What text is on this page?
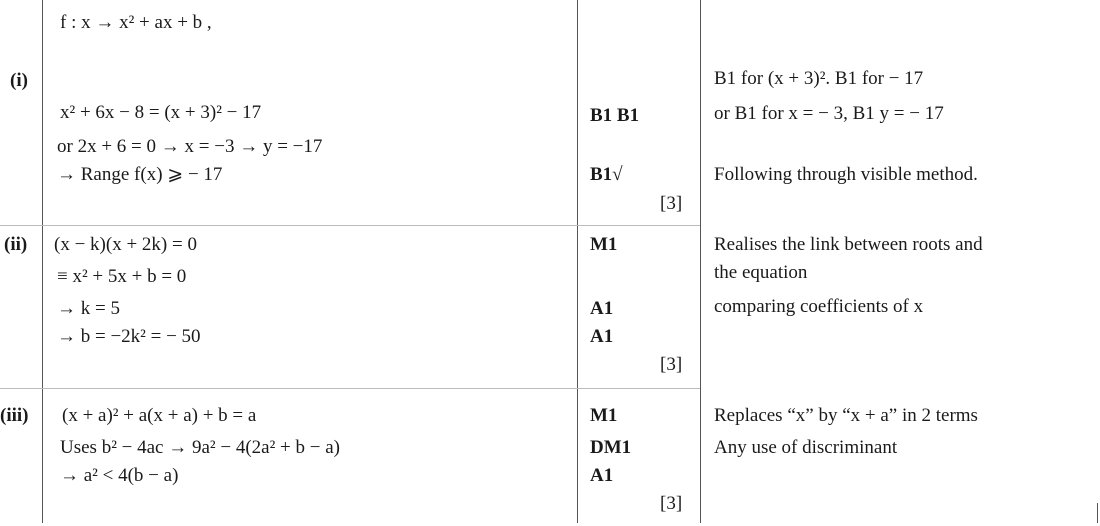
f : x → x² + ax + b ,
(i)
x² + 6x − 8 = (x + 3)² − 17
or 2x + 6 = 0 → x = −3 → y = −17
→ Range f(x) ⩾ − 17
B1 B1
B1√
[3]
B1 for (x + 3)². B1 for − 17
or B1 for x = − 3, B1 y = − 17
Following through visible method.
(ii) (x − k)(x + 2k) = 0
≡ x² + 5x + b = 0
→ k = 5
→ b = −2k² = − 50
M1
A1
A1
[3]
Realises the link between roots and
the equation
comparing coefficients of x
(iii) (x + a)² + a(x + a) + b = a
Uses b² − 4ac → 9a² − 4(2a² + b − a)
→ a² < 4(b − a)
M1
DM1
A1
[3]
Replaces “x” by “x + a” in 2 terms
Any use of discriminant
